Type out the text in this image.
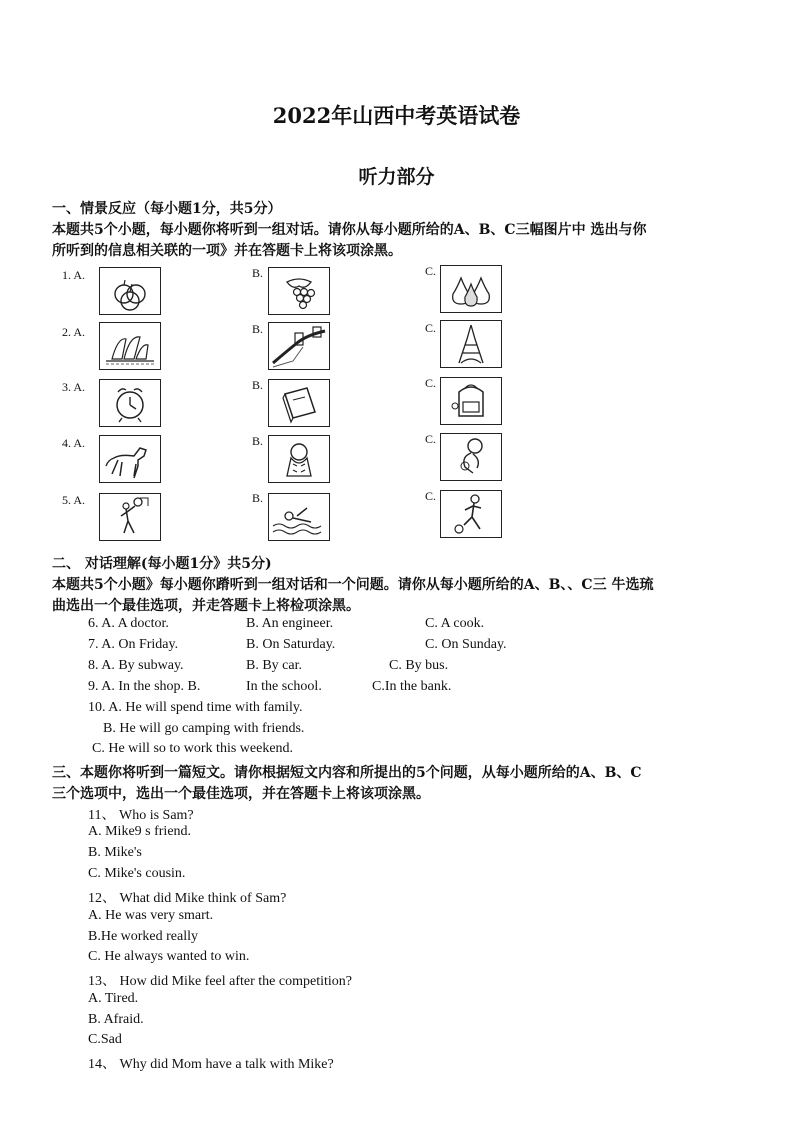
2022年山西中考英语试卷
听力部分
一、情景反应（每小题1分，共5分）
本题共5个小题，每小题你将听到一组对话。请你从每小题所给的A、B、C三幅图片中 选出与你
所听到的信息相关联的一项》并在答题卡上将该项涂黑。
1. A.	B.	C.
2. A.	B.	C.
3. A.	B.	C.
4. A.	B.	C.
5. A.	B.	C.
二、 对话理解(每小题1分》共5分)
本题共5个小题》每小题你蹐听到一组对话和一个问题。请你从每小题所给的A、B、、C三 牛选琉
曲选出一个最佳选项，并走答题卡上将检项涂黑。
6. A. A doctor.	B. An engineer.	C. A cook.
7. A. On Friday.	B. On Saturday.	C. On Sunday.
8. A. By subway.	B. By car.	C. By bus.
9. A. In the shop. B.	In the school.	C.In the bank.
10. A. He will spend time with family.
B. He will go camping with friends.
C. He will so to work this weekend.
三、本题你将听到一篇短文。请你根据短文内容和所提出的5个问题，从每小题所给的A、B、C
三个选项中，选出一个最佳选项，并在答题卡上将该项涂黑。
11、 Who is Sam?
A. Mike9 s friend.
B. Mike's
C. Mike's cousin.
12、 What did Mike think of Sam?
A. He was very smart.
B.He worked really
C. He always wanted to win.
13、 How did Mike feel after the competition?
A. Tired.
B. Afraid.
C.Sad
14、 Why did Mom have a talk with Mike?
